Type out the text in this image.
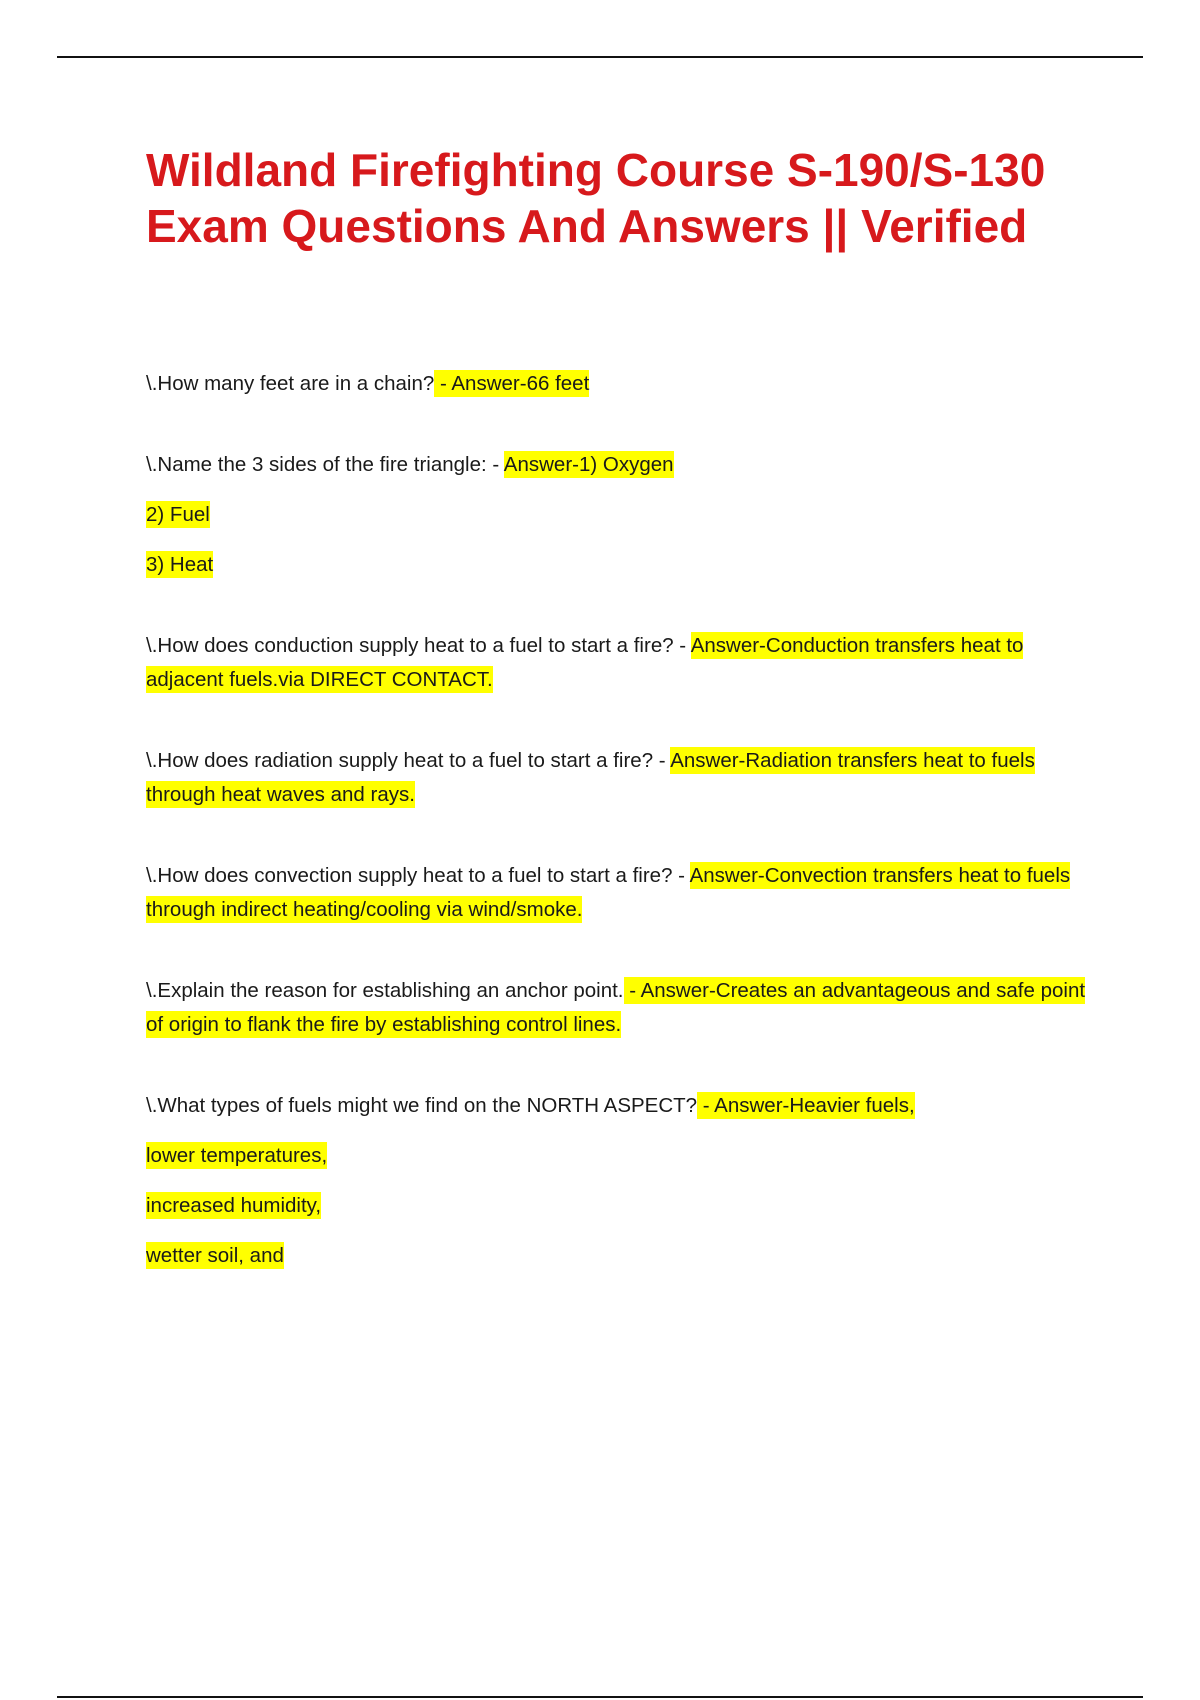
Wildland Firefighting Course S-190/S-130 Exam Questions And Answers || Verified
\.How many feet are in a chain? - Answer-66 feet
\.Name the 3 sides of the fire triangle: - Answer-1) Oxygen
2) Fuel
3) Heat
\.How does conduction supply heat to a fuel to start a fire? - Answer-Conduction transfers heat to adjacent fuels.via DIRECT CONTACT.
\.How does radiation supply heat to a fuel to start a fire? - Answer-Radiation transfers heat to fuels through heat waves and rays.
\.How does convection supply heat to a fuel to start a fire? - Answer-Convection transfers heat to fuels through indirect heating/cooling via wind/smoke.
\.Explain the reason for establishing an anchor point. - Answer-Creates an advantageous and safe point of origin to flank the fire by establishing control lines.
\.What types of fuels might we find on the NORTH ASPECT? - Answer-Heavier fuels,
lower temperatures,
increased humidity,
wetter soil, and
